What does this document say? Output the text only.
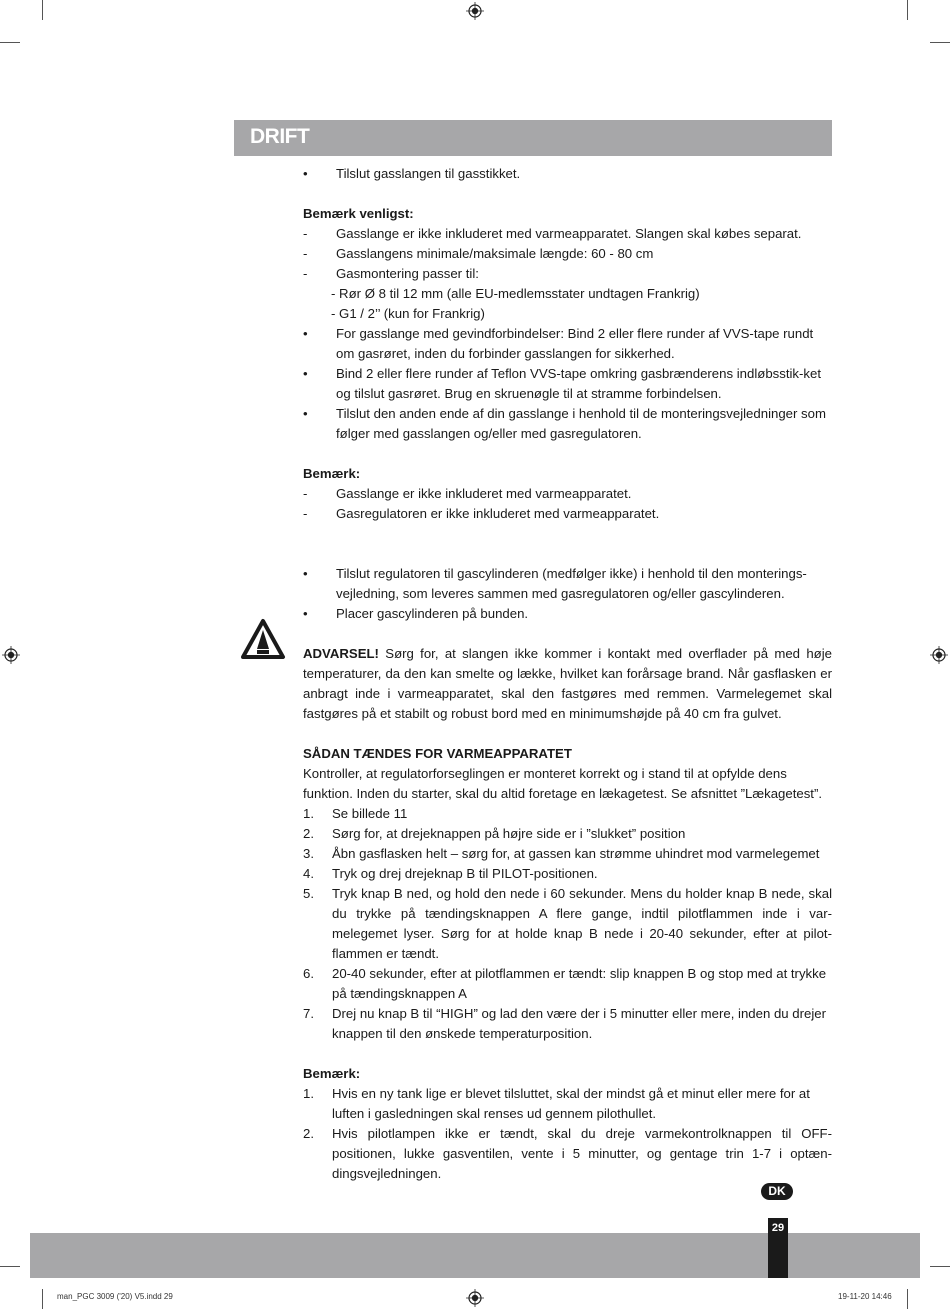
DRIFT
•	Tilslut gasslangen til gasstikket.
Bemærk venligst:
-	Gasslange er ikke inkluderet med varmeapparatet. Slangen skal købes separat.
-	Gasslangens minimale/maksimale længde: 60 - 80 cm
-	Gasmontering passer til:
- Rør Ø 8 til 12 mm (alle EU-medlemsstater undtagen Frankrig)
- G1 / 2’’ (kun for Frankrig)
•	For gasslange med gevindforbindelser: Bind 2 eller flere runder af VVS-tape rundt om gasrøret, inden du forbinder gasslangen for sikkerhed.
•	Bind 2 eller flere runder af Teflon VVS-tape omkring gasbrænderens indløbsstik-ket og tilslut gasrøret. Brug en skruenøgle til at stramme forbindelsen.
•	Tilslut den anden ende af din gasslange i henhold til de monteringsvejledninger som følger med gasslangen og/eller med gasregulatoren.
Bemærk:
-	Gasslange er ikke inkluderet med varmeapparatet.
-	Gasregulatoren er ikke inkluderet med varmeapparatet.
•	Tilslut regulatoren til gascylinderen (medfølger ikke) i henhold til den monterings-vejledning, som leveres sammen med gasregulatoren og/eller gascylinderen.
•	Placer gascylinderen på bunden.
ADVARSEL! Sørg for, at slangen ikke kommer i kontakt med overflader på med høje temperaturer, da den kan smelte og lække, hvilket kan forårsage brand. Når gasflasken er anbragt inde i varmeapparatet, skal den fastgøres med remmen. Varmelegemet skal fastgøres på et stabilt og robust bord med en minimumshøjde på 40 cm fra gulvet.
SÅDAN TÆNDES FOR VARMEAPPARATET
Kontroller, at regulatorforseglingen er monteret korrekt og i stand til at opfylde dens funktion. Inden du starter, skal du altid foretage en lækagetest. Se afsnittet ”Lækagetest”.
1.	Se billede 11
2.	Sørg for, at drejeknappen på højre side er i ”slukket” position
3.	Åbn gasflasken helt – sørg for, at gassen kan strømme uhindret mod varmelegemet
4.	Tryk og drej drejeknap B til PILOT-positionen.
5.	Tryk knap B ned, og hold den nede i 60 sekunder. Mens du holder knap B nede, skal du trykke på tændingsknappen A flere gange, indtil pilotflammen inde i var-melegemet lyser. Sørg for at holde knap B nede i 20-40 sekunder, efter at pilot-flammen er tændt.
6.	20-40 sekunder, efter at pilotflammen er tændt: slip knappen B og stop med at trykke på tændingsknappen A
7.	Drej nu knap B til “HIGH” og lad den være der i 5 minutter eller mere, inden du drejer knappen til den ønskede temperaturposition.
Bemærk:
1.	Hvis en ny tank lige er blevet tilsluttet, skal der mindst gå et minut eller mere for at luften i gasledningen skal renses ud gennem pilothullet.
2.	Hvis pilotlampen ikke er tændt, skal du dreje varmekontrolknappen til OFF-positionen, lukke gasventilen, vente i 5 minutter, og gentage trin 1-7 i optæn-dingsvejledningen.
DK
29
man_PGC 3009 ('20) V5.indd 29	19-11-20 14:46
